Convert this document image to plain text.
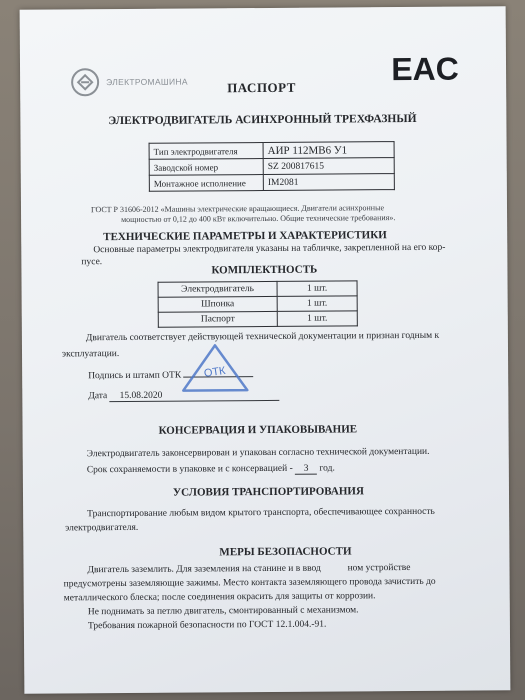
ЭЛЕКТРОМАШИНА	EAC
ПАСПОРТ
ЭЛЕКТРОДВИГАТЕЛЬ АСИНХРОННЫЙ ТРЕХФАЗНЫЙ
Тип электродвигателя	АИР 112МВ6 У1
Заводской номер	SZ 200817615
Монтажное исполнение	IM2081
ГОСТ Р 31606-2012 «Машины электрические вращающиеся. Двигатели асинхронные
мощностью от 0,12 до 400 кВт включительно. Общие технические требования».
ТЕХНИЧЕСКИЕ ПАРАМЕТРЫ И ХАРАКТЕРИСТИКИ
Основные параметры электродвигателя указаны на табличке, закрепленной на его кор-
пусе.
КОМПЛЕКТНОСТЬ
Электродвигатель	1 шт.
Шпонка	1 шт.
Паспорт	1 шт.
Двигатель соответствует действующей технической документации и признан годным к
эксплуатации.
Подпись и штамп ОТК	ОТК
Дата 15.08.2020
КОНСЕРВАЦИЯ И УПАКОВЫВАНИЕ
Электродвигатель законсервирован и упакован согласно технической документации.
Срок сохраняемости в упаковке и с консервацией - 3 год.
УСЛОВИЯ ТРАНСПОРТИРОВАНИЯ
Транспортирование любым видом крытого транспорта, обеспечивающее сохранность
электродвигателя.
МЕРЫ БЕЗОПАСНОСТИ
Двигатель заземлить. Для заземления на станине и в ввод	ном устройстве
предусмотрены заземляющие зажимы. Место контакта заземляющего провода зачистить до
металлического блеска; после соединения окрасить для защиты от коррозии.
Не поднимать за петлю двигатель, смонтированный с механизмом.
Требования пожарной безопасности по ГОСТ 12.1.004.-91.
